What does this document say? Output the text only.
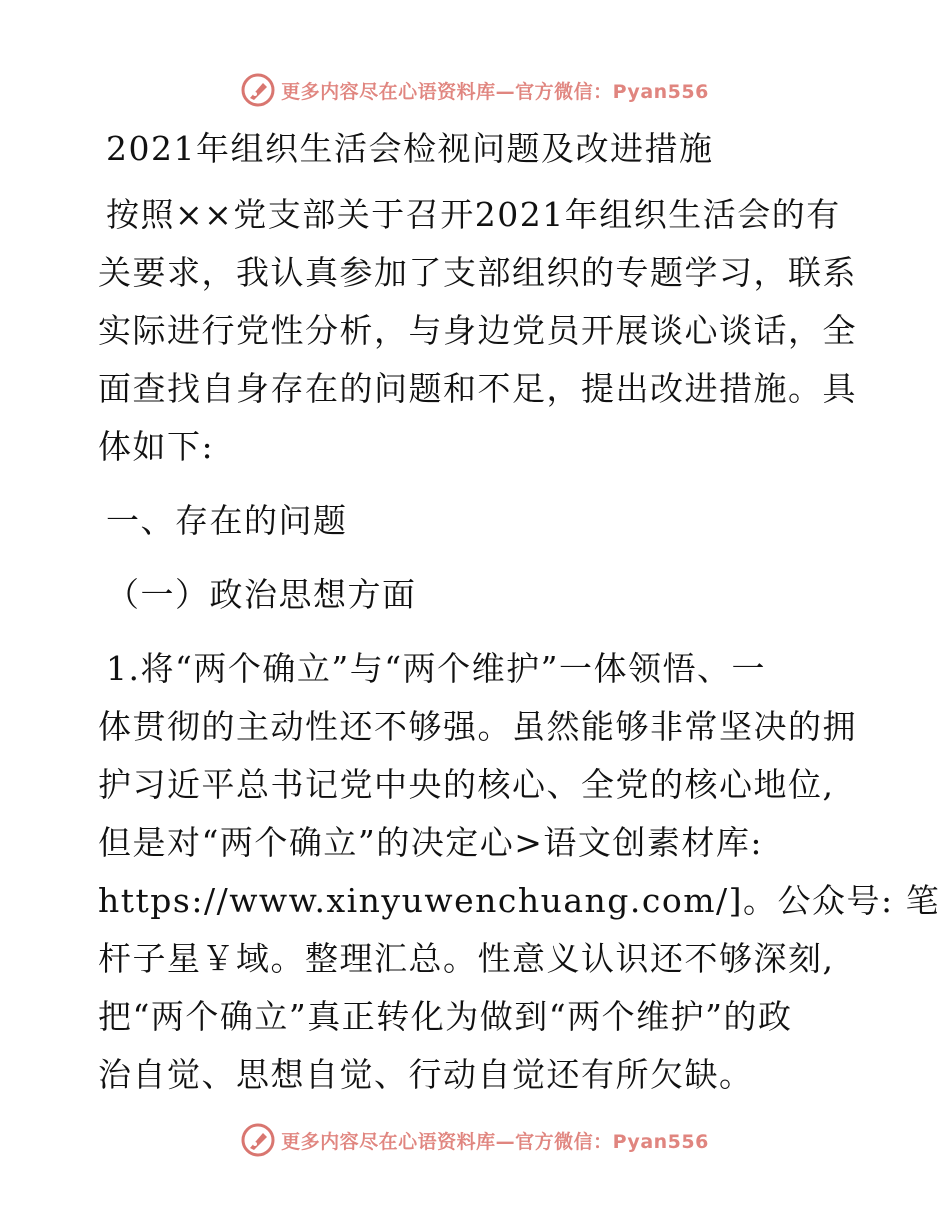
更多内容尽在心语资料库—官方微信：Pyan556
2021年组织生活会检视问题及改进措施
按照××党支部关于召开2021年组织生活会的有
关要求，我认真参加了支部组织的专题学习，联系
实际进行党性分析，与身边党员开展谈心谈话，全
面查找自身存在的问题和不足，提出改进措施。具
体如下:
一、存在的问题
（一）政治思想方面
1.将“两个确立”与“两个维护”一体领悟、一
体贯彻的主动性还不够强。虽然能够非常坚决的拥
护习近平总书记党中央的核心、全党的核心地位,
但是对“两个确立”的决定心>语文创素材库:
https://www.xinyuwenchuang.com/]。公众号: 笔
杆子星￥域。整理汇总。性意义认识还不够深刻,
把“两个确立”真正转化为做到“两个维护”的政
治自觉、思想自觉、行动自觉还有所欠缺。
更多内容尽在心语资料库—官方微信：Pyan556
